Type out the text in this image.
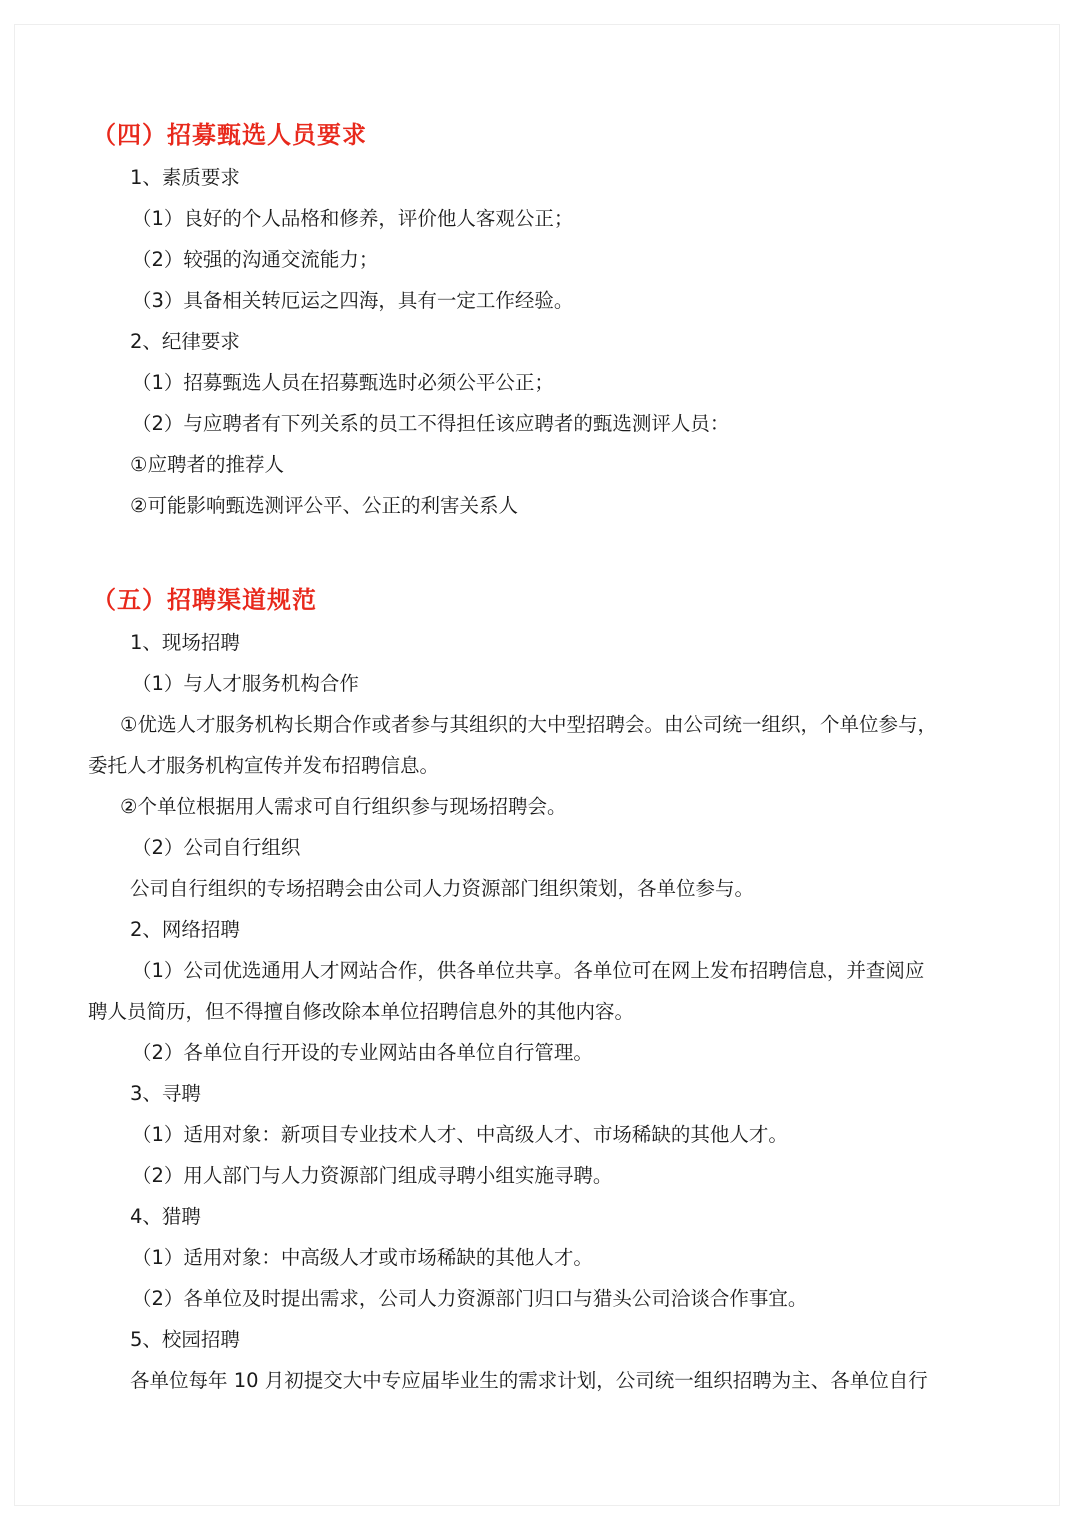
（四）招募甄选人员要求
1、素质要求
（1）良好的个人品格和修养，评价他人客观公正；
（2）较强的沟通交流能力；
（3）具备相关转厄运之四海，具有一定工作经验。
2、纪律要求
（1）招募甄选人员在招募甄选时必须公平公正；
（2）与应聘者有下列关系的员工不得担任该应聘者的甄选测评人员：
①应聘者的推荐人
②可能影响甄选测评公平、公正的利害关系人
（五）招聘渠道规范
1、现场招聘
（1）与人才服务机构合作
①优选人才服务机构长期合作或者参与其组织的大中型招聘会。由公司统一组织，个单位参与，
委托人才服务机构宣传并发布招聘信息。
②个单位根据用人需求可自行组织参与现场招聘会。
（2）公司自行组织
公司自行组织的专场招聘会由公司人力资源部门组织策划，各单位参与。
2、网络招聘
（1）公司优选通用人才网站合作，供各单位共享。各单位可在网上发布招聘信息，并查阅应
聘人员简历，但不得擅自修改除本单位招聘信息外的其他内容。
（2）各单位自行开设的专业网站由各单位自行管理。
3、寻聘
（1）适用对象：新项目专业技术人才、中高级人才、市场稀缺的其他人才。
（2）用人部门与人力资源部门组成寻聘小组实施寻聘。
4、猎聘
（1）适用对象：中高级人才或市场稀缺的其他人才。
（2）各单位及时提出需求，公司人力资源部门归口与猎头公司洽谈合作事宜。
5、校园招聘
各单位每年 10 月初提交大中专应届毕业生的需求计划，公司统一组织招聘为主、各单位自行
